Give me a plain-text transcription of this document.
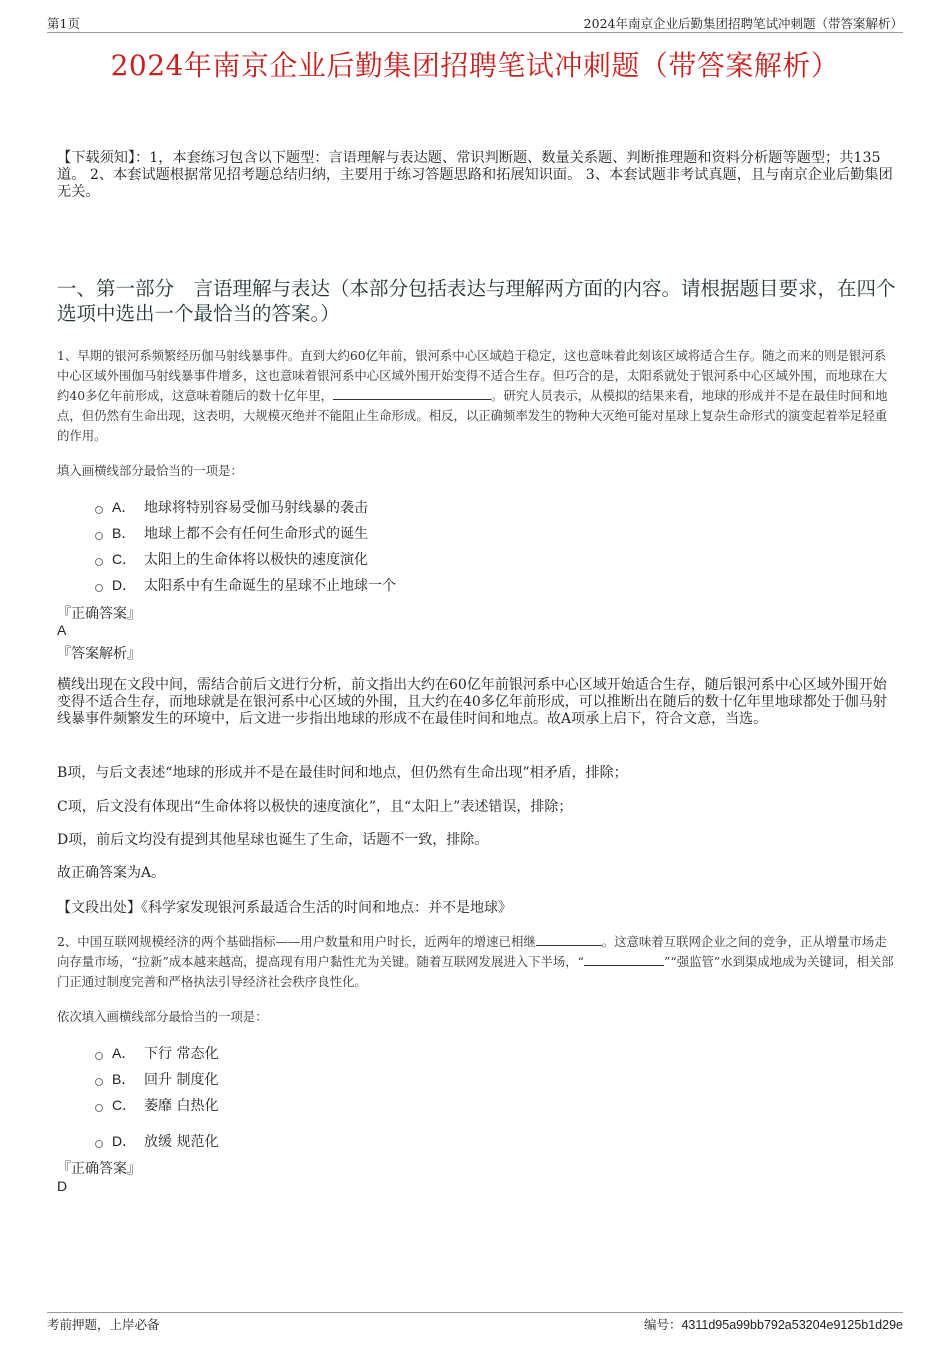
第1页	2024年南京企业后勤集团招聘笔试冲刺题（带答案解析）
2024年南京企业后勤集团招聘笔试冲刺题（带答案解析）
【下载须知】：1，本套练习包含以下题型：言语理解与表达题、常识判断题、数量关系题、判断推理题和资料分析题等题型；共135道。 2、本套试题根据常见招考题总结归纳，主要用于练习答题思路和拓展知识面。 3、本套试题非考试真题，且与南京企业后勤集团无关。
一、第一部分　言语理解与表达（本部分包括表达与理解两方面的内容。请根据题目要求，在四个选项中选出一个最恰当的答案。）
1、早期的银河系频繁经历伽马射线暴事件。直到大约60亿年前，银河系中心区域趋于稳定，这也意味着此刻该区域将适合生存。随之而来的则是银河系中心区域外围伽马射线暴事件增多，这也意味着银河系中心区域外围开始变得不适合生存。但巧合的是，太阳系就处于银河系中心区域外围，而地球在大约40多亿年前形成，这意味着随后的数十亿年里，	。研究人员表示，从模拟的结果来看，地球的形成并不是在最佳时间和地点，但仍然有生命出现，这表明，大规模灭绝并不能阻止生命形成。相反，以正确频率发生的物种大灭绝可能对星球上复杂生命形式的演变起着举足轻重的作用。
填入画横线部分最恰当的一项是：
A． 地球将特别容易受伽马射线暴的袭击
B． 地球上都不会有任何生命形式的诞生
C． 太阳上的生命体将以极快的速度演化
D． 太阳系中有生命诞生的星球不止地球一个
『正确答案』
A
『答案解析』
横线出现在文段中间，需结合前后文进行分析，前文指出大约在60亿年前银河系中心区域开始适合生存，随后银河系中心区域外围开始变得不适合生存，而地球就是在银河系中心区域的外围，且大约在40多亿年前形成，可以推断出在随后的数十亿年里地球都处于伽马射线暴事件频繁发生的环境中，后文进一步指出地球的形成不在最佳时间和地点。故A项承上启下，符合文意，当选。
B项，与后文表述“地球的形成并不是在最佳时间和地点，但仍然有生命出现”相矛盾，排除；
C项，后文没有体现出“生命体将以极快的速度演化”，且“太阳上”表述错误，排除；
D项，前后文均没有提到其他星球也诞生了生命，话题不一致，排除。
故正确答案为A。
【文段出处】《科学家发现银河系最适合生活的时间和地点：并不是地球》
2、中国互联网规模经济的两个基础指标——用户数量和用户时长，近两年的增速已相继	。这意味着互联网企业之间的竞争，正从增量市场走向存量市场，“拉新”成本越来越高，提高现有用户黏性尤为关键。随着互联网发展进入下半场，“	”“强监管”水到渠成地成为关键词，相关部门正通过制度完善和严格执法引导经济社会秩序良性化。
依次填入画横线部分最恰当的一项是：
A． 下行 常态化
B． 回升 制度化
C． 萎靡 白热化
D． 放缓 规范化
『正确答案』
D
考前押题，上岸必备	编号：4311d95a99bb792a53204e9125b1d29e
